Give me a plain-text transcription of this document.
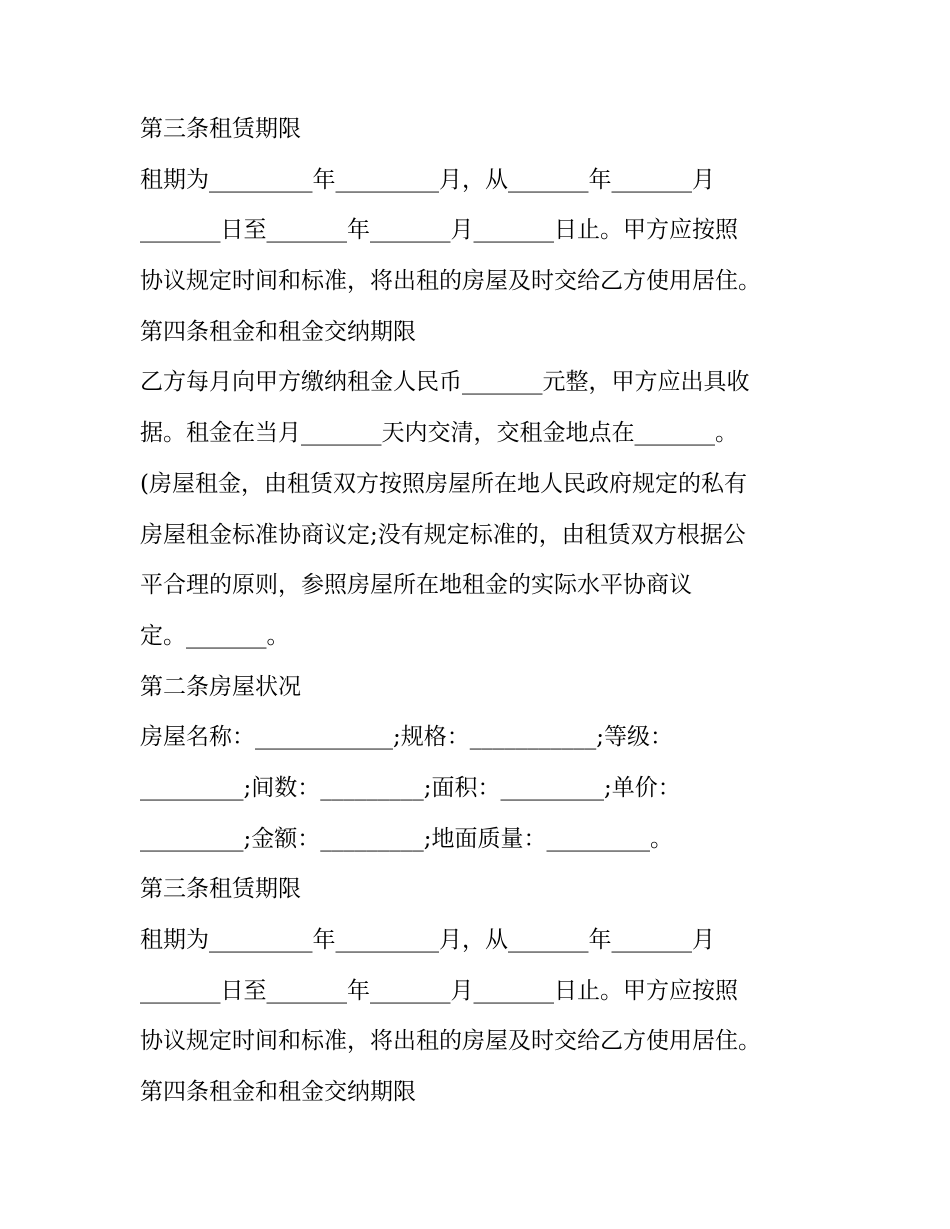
第三条租赁期限
租期为_________年_________月，从_______年_______月
_______日至_______年_______月_______日止。甲方应按照
协议规定时间和标准，将出租的房屋及时交给乙方使用居住。
第四条租金和租金交纳期限
乙方每月向甲方缴纳租金人民币_______元整，甲方应出具收
据。租金在当月_______天内交清，交租金地点在_______。
(房屋租金，由租赁双方按照房屋所在地人民政府规定的私有
房屋租金标准协商议定;没有规定标准的，由租赁双方根据公
平合理的原则，参照房屋所在地租金的实际水平协商议
定。_______。
第二条房屋状况
房屋名称：____________;规格：___________;等级：
_________;间数：_________;面积：_________;单价：
_________;金额：_________;地面质量：_________。
第三条租赁期限
租期为_________年_________月，从_______年_______月
_______日至_______年_______月_______日止。甲方应按照
协议规定时间和标准，将出租的房屋及时交给乙方使用居住。
第四条租金和租金交纳期限
